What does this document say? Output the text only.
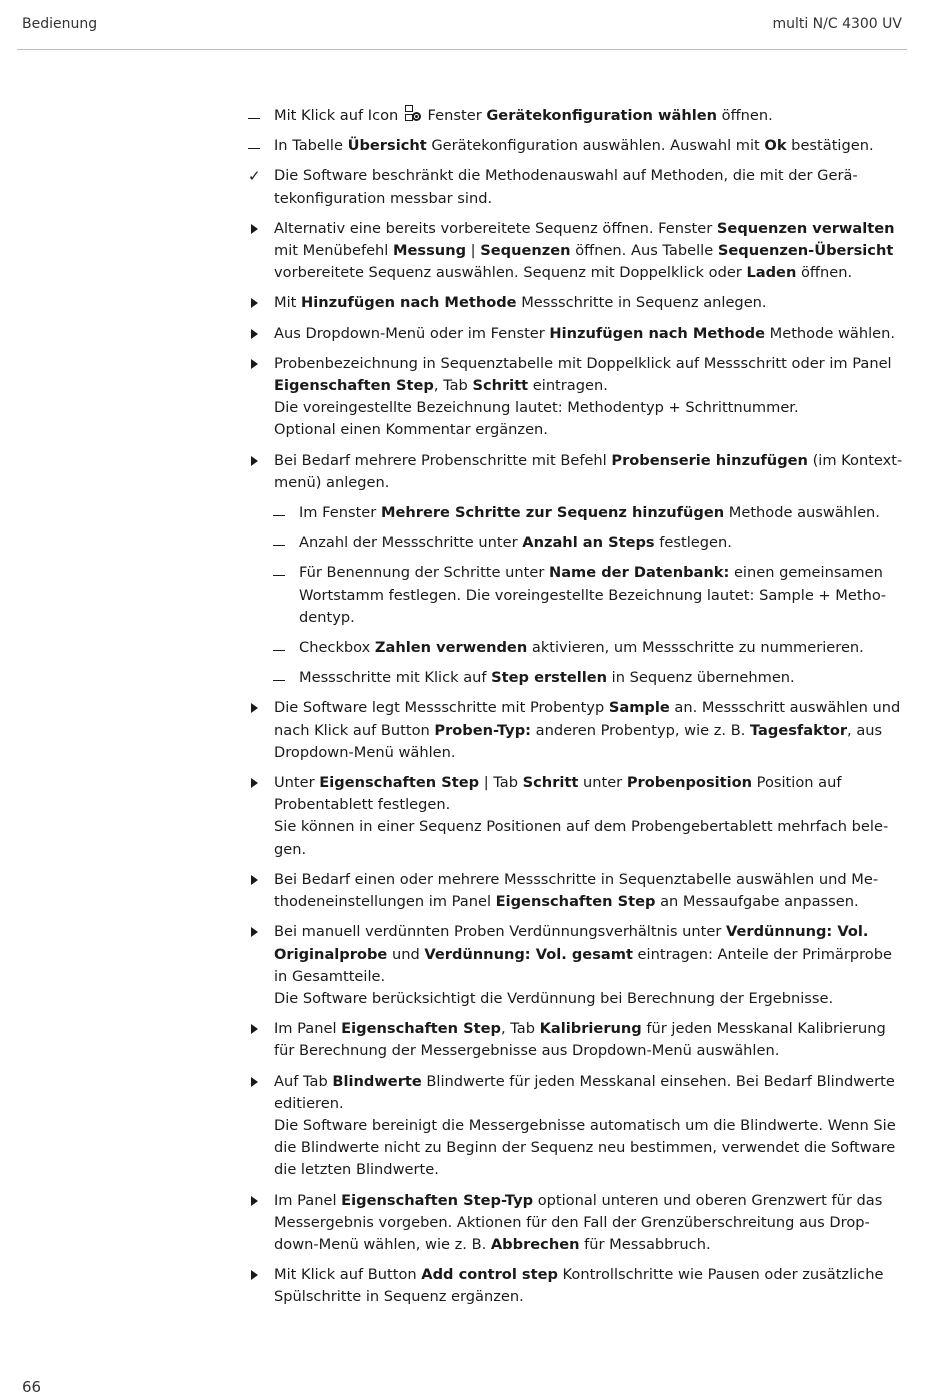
Bedienung	multi N/C 4300 UV

Mit Klick auf Icon
Fenster Gerätekonfiguration wählen öffnen.

In Tabelle Übersicht Gerätekonfiguration auswählen. Auswahl mit Ok bestätigen.

✓ Die Software beschränkt die Methodenauswahl auf Methoden, die mit der Gerätekonfiguration messbar sind.

Alternativ eine bereits vorbereitete Sequenz öffnen. Fenster Sequenzen verwalten mit Menübefehl Messung | Sequenzen öffnen. Aus Tabelle Sequenzen-Übersicht vorbereitete Sequenz auswählen. Sequenz mit Doppelklick oder Laden öffnen.

Mit Hinzufügen nach Methode Messschritte in Sequenz anlegen.

Aus Dropdown-Menü oder im Fenster Hinzufügen nach Methode Methode wählen.

Probenbezeichnung in Sequenztabelle mit Doppelklick auf Messschritt oder im Panel Eigenschaften Step, Tab Schritt eintragen.

Die voreingestellte Bezeichnung lautet: Methodentyp + Schrittnummer.

Optional einen Kommentar ergänzen.

Bei Bedarf mehrere Probenschritte mit Befehl Probenserie hinzufügen (im Kontextmenü) anlegen.

Im Fenster Mehrere Schritte zur Sequenz hinzufügen Methode auswählen.

Anzahl der Messschritte unter Anzahl an Steps festlegen.

Für Benennung der Schritte unter Name der Datenbank: einen gemeinsamen Wortstamm festlegen. Die voreingestellte Bezeichnung lautet: Sample + Methodentyp.

Checkbox Zahlen verwenden aktivieren, um Messschritte zu nummerieren.

Messschritte mit Klick auf Step erstellen in Sequenz übernehmen.

Die Software legt Messschritte mit Probentyp Sample an. Messschritt auswählen und nach Klick auf Button Proben-Typ: anderen Probentyp, wie z. B. Tagesfaktor, aus Dropdown-Menü wählen.

Unter Eigenschaften Step | Tab Schritt unter Probenposition Position auf Probentablett festlegen.

Sie können in einer Sequenz Positionen auf dem Probengebertablett mehrfach belegen.

Bei Bedarf einen oder mehrere Messschritte in Sequenztabelle auswählen und Methodeneinstellungen im Panel Eigenschaften Step an Messaufgabe anpassen.

Bei manuell verdünnten Proben Verdünnungsverhältnis unter Verdünnung: Vol. Originalprobe und Verdünnung: Vol. gesamt eintragen: Anteile der Primärprobe in Gesamtteile.

Die Software berücksichtigt die Verdünnung bei Berechnung der Ergebnisse.

Im Panel Eigenschaften Step, Tab Kalibrierung für jeden Messkanal Kalibrierung für Berechnung der Messergebnisse aus Dropdown-Menü auswählen.

Auf Tab Blindwerte Blindwerte für jeden Messkanal einsehen. Bei Bedarf Blindwerte editieren.

Die Software bereinigt die Messergebnisse automatisch um die Blindwerte. Wenn Sie die Blindwerte nicht zu Beginn der Sequenz neu bestimmen, verwendet die Software die letzten Blindwerte.

Im Panel Eigenschaften Step-Typ optional unteren und oberen Grenzwert für das Messergebnis vorgeben. Aktionen für den Fall der Grenzüberschreitung aus Dropdown-Menü wählen, wie z. B. Abbrechen für Messabbruch.

Mit Klick auf Button Add control step Kontrollschritte wie Pausen oder zusätzliche Spülschritte in Sequenz ergänzen.

66
